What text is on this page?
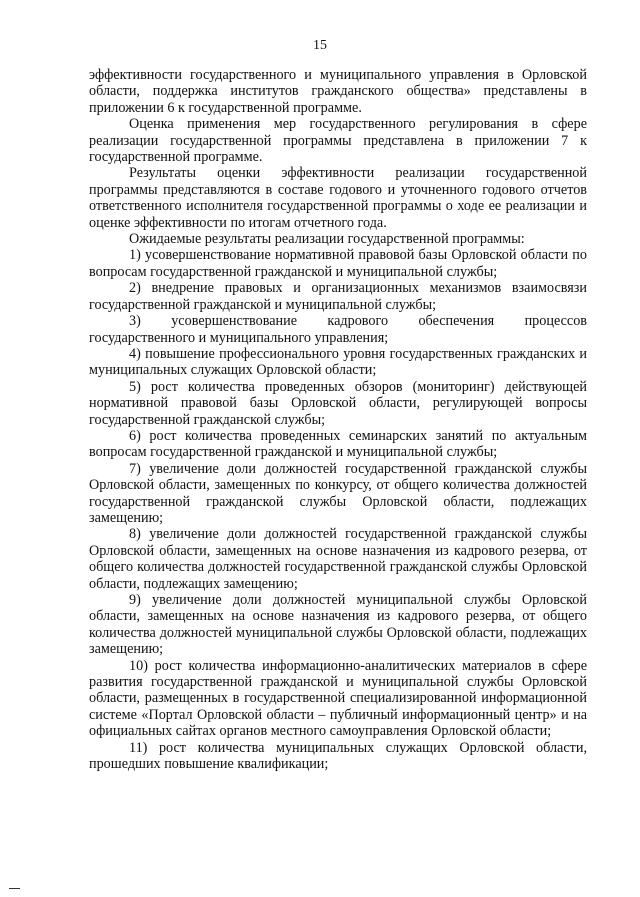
15

эффективности государственного и муниципального управления в Орловской области, поддержка институтов гражданского общества» представлены в приложении 6 к государственной программе.

Оценка применения мер государственного регулирования в сфере реализации государственной программы представлена в приложении 7 к государственной программе.

Результаты оценки эффективности реализации государственной программы представляются в составе годового и уточненного годового отчетов ответственного исполнителя государственной программы о ходе ее реализации и оценке эффективности по итогам отчетного года.

Ожидаемые результаты реализации государственной программы:

1) усовершенствование нормативной правовой базы Орловской области по вопросам государственной гражданской и муниципальной службы;

2) внедрение правовых и организационных механизмов взаимосвязи государственной гражданской и муниципальной службы;

3) усовершенствование кадрового обеспечения процессов государственного и муниципального управления;

4) повышение профессионального уровня государственных гражданских и муниципальных служащих Орловской области;

5) рост количества проведенных обзоров (мониторинг) действующей нормативной правовой базы Орловской области, регулирующей вопросы государственной гражданской службы;

6) рост количества проведенных семинарских занятий по актуальным вопросам государственной гражданской и муниципальной службы;

7) увеличение доли должностей государственной гражданской службы Орловской области, замещенных по конкурсу, от общего количества должностей государственной гражданской службы Орловской области, подлежащих замещению;

8) увеличение доли должностей государственной гражданской службы Орловской области, замещенных на основе назначения из кадрового резерва, от общего количества должностей государственной гражданской службы Орловской области, подлежащих замещению;

9) увеличение доли должностей муниципальной службы Орловской области, замещенных на основе назначения из кадрового резерва, от общего количества должностей муниципальной службы Орловской области, подлежащих замещению;

10) рост количества информационно-аналитических материалов в сфере развития государственной гражданской и муниципальной службы Орловской области, размещенных в государственной специализированной информационной системе «Портал Орловской области – публичный информационный центр» и на официальных сайтах органов местного самоуправления Орловской области;

11) рост количества муниципальных служащих Орловской области, прошедших повышение квалификации;
